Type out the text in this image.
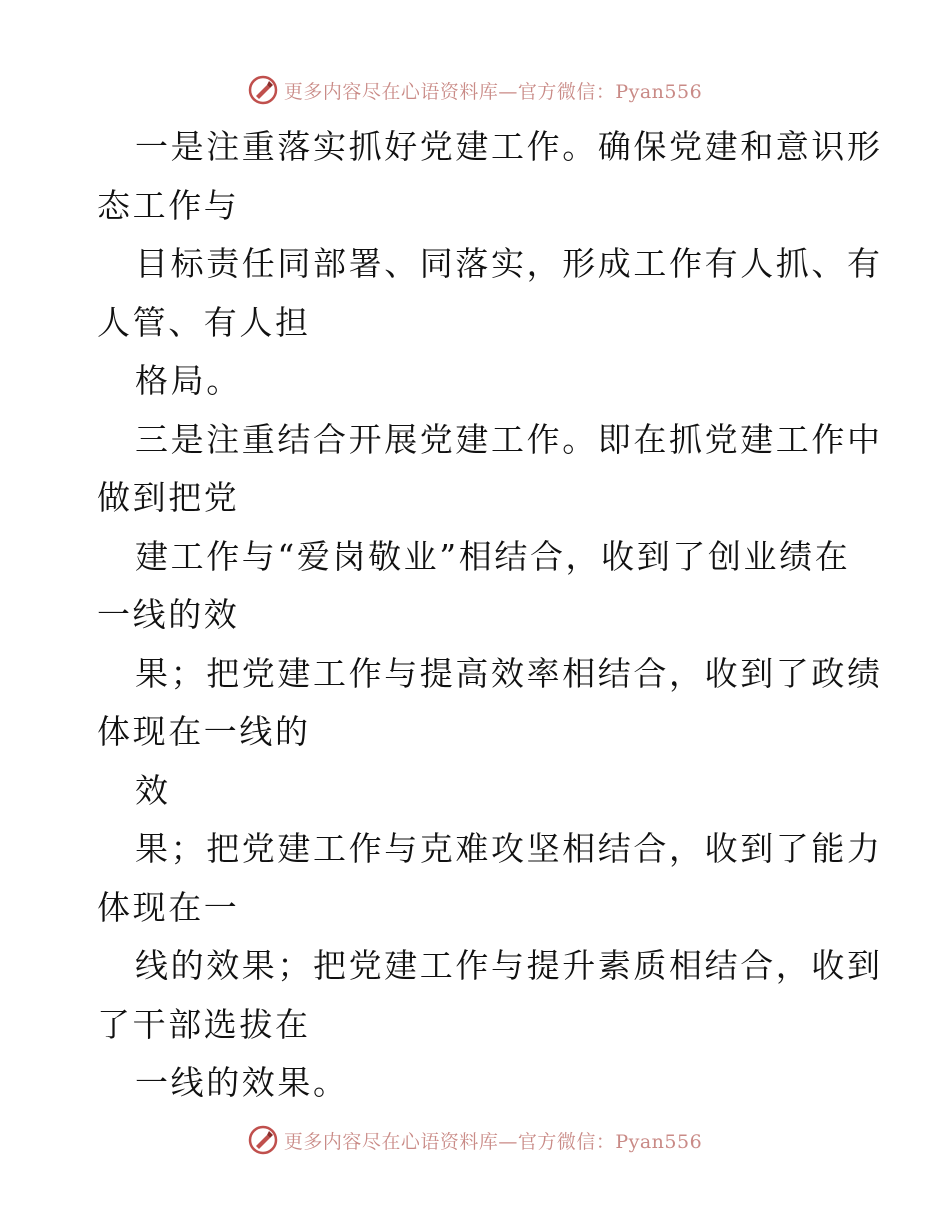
更多内容尽在心语资料库—官方微信：Pyan556
一是注重落实抓好党建工作。确保党建和意识形
态工作与
目标责任同部署、同落实，形成工作有人抓、有
人管、有人担
格局。
三是注重结合开展党建工作。即在抓党建工作中
做到把党
建工作与“爱岗敬业”相结合，收到了创业绩在
一线的效
果；把党建工作与提高效率相结合，收到了政绩
体现在一线的
效
果；把党建工作与克难攻坚相结合，收到了能力
体现在一
线的效果；把党建工作与提升素质相结合，收到
了干部选拔在
一线的效果。
更多内容尽在心语资料库—官方微信：Pyan556
